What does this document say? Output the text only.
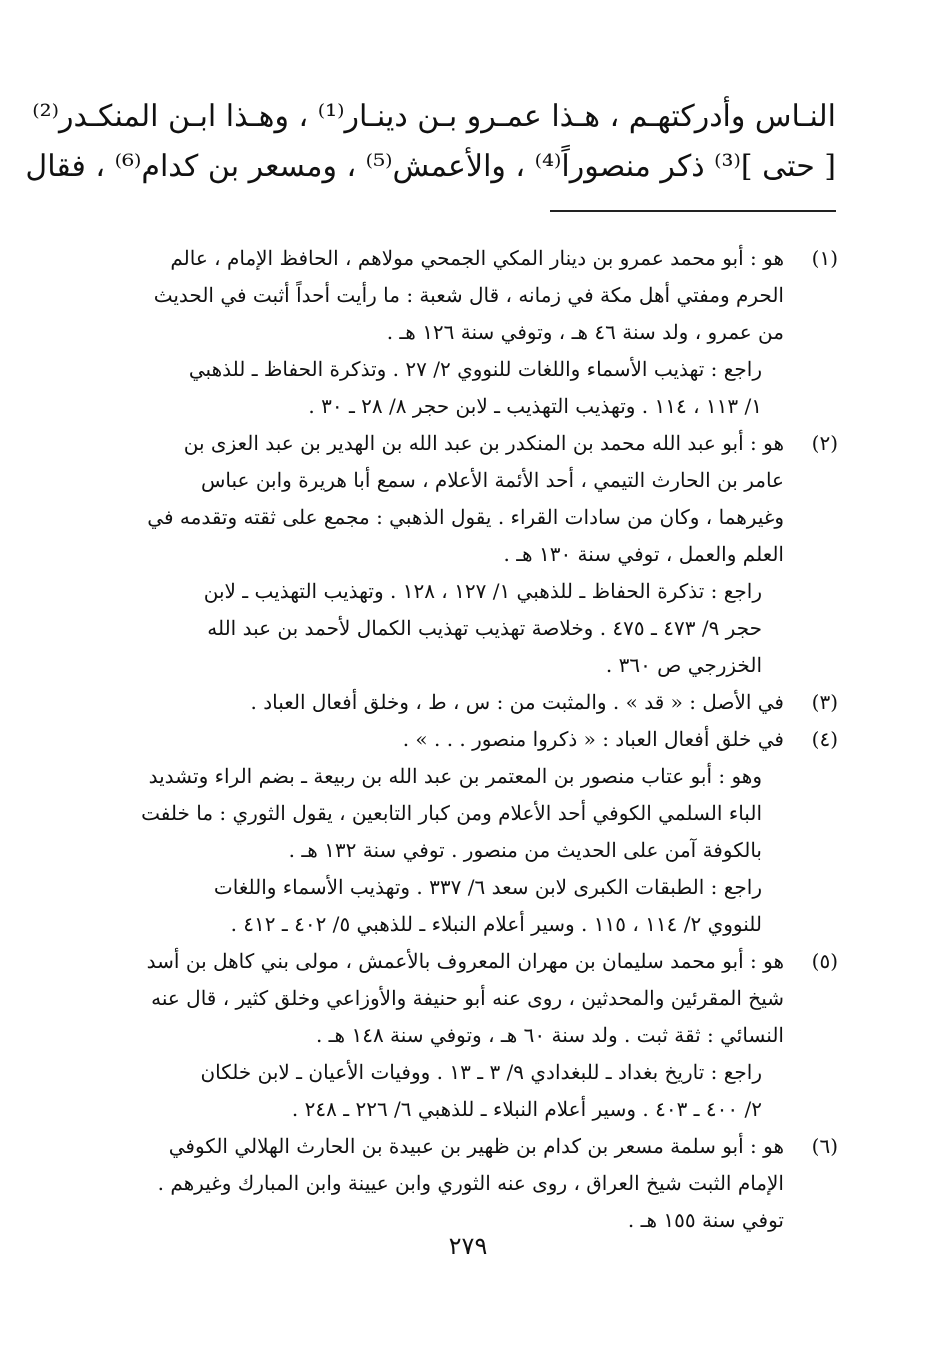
النـاس وأدركتهـم ، هـذا عمـرو بـن دينـار⁽¹⁾ ، وهـذا ابـن المنكـدر⁽²⁾
[ حتى ]⁽³⁾ ذكر منصوراً⁽⁴⁾ ، والأعمش⁽⁵⁾ ، ومسعر بن كدام⁽⁶⁾ ، فقال
(١)
هو : أبو محمد عمرو بن دينار المكي الجمحي مولاهم ، الحافظ الإمام ، عالم
الحرم ومفتي أهل مكة في زمانه ، قال شعبة : ما رأيت أحداً أثبت في الحديث
من عمرو ، ولد سنة ٤٦ هـ ، وتوفي سنة ١٢٦ هـ .
راجع : تهذيب الأسماء واللغات للنووي ٢/ ٢٧ . وتذكرة الحفاظ ـ للذهبي
١/ ١١٣ ، ١١٤ . وتهذيب التهذيب ـ لابن حجر ٨/ ٢٨ ـ ٣٠ .
(٢)
هو : أبو عبد الله محمد بن المنكدر بن عبد الله بن الهدير بن عبد العزى بن
عامر بن الحارث التيمي ، أحد الأئمة الأعلام ، سمع أبا هريرة وابن عباس
وغيرهما ، وكان من سادات القراء . يقول الذهبي : مجمع على ثقته وتقدمه في
العلم والعمل ، توفي سنة ١٣٠ هـ .
راجع : تذكرة الحفاظ ـ للذهبي ١/ ١٢٧ ، ١٢٨ . وتهذيب التهذيب ـ لابن
حجر ٩/ ٤٧٣ ـ ٤٧٥ . وخلاصة تهذيب تهذيب الكمال لأحمد بن عبد الله
الخزرجي ص ٣٦٠ .
(٣)
في الأصل : « قد » . والمثبت من : س ، ط ، وخلق أفعال العباد .
(٤)
في خلق أفعال العباد : « ذكروا منصور . . . » .
وهو : أبو عتاب منصور بن المعتمر بن عبد الله بن ربيعة ـ بضم الراء وتشديد
الباء السلمي الكوفي أحد الأعلام ومن كبار التابعين ، يقول الثوري : ما خلفت
بالكوفة آمن على الحديث من منصور . توفي سنة ١٣٢ هـ .
راجع : الطبقات الكبرى لابن سعد ٦/ ٣٣٧ . وتهذيب الأسماء واللغات
للنووي ٢/ ١١٤ ، ١١٥ . وسير أعلام النبلاء ـ للذهبي ٥/ ٤٠٢ ـ ٤١٢ .
(٥)
هو : أبو محمد سليمان بن مهران المعروف بالأعمش ، مولى بني كاهل بن أسد
شيخ المقرئين والمحدثين ، روى عنه أبو حنيفة والأوزاعي وخلق كثير ، قال عنه
النسائي : ثقة ثبت . ولد سنة ٦٠ هـ ، وتوفي سنة ١٤٨ هـ .
راجع : تاريخ بغداد ـ للبغدادي ٩/ ٣ ـ ١٣ . ووفيات الأعيان ـ لابن خلكان
٢/ ٤٠٠ ـ ٤٠٣ . وسير أعلام النبلاء ـ للذهبي ٦/ ٢٢٦ ـ ٢٤٨ .
(٦)
هو : أبو سلمة مسعر بن كدام بن ظهير بن عبيدة بن الحارث الهلالي الكوفي
الإمام الثبت شيخ العراق ، روى عنه الثوري وابن عيينة وابن المبارك وغيرهم .
توفي سنة ١٥٥ هـ .
٢٧٩
